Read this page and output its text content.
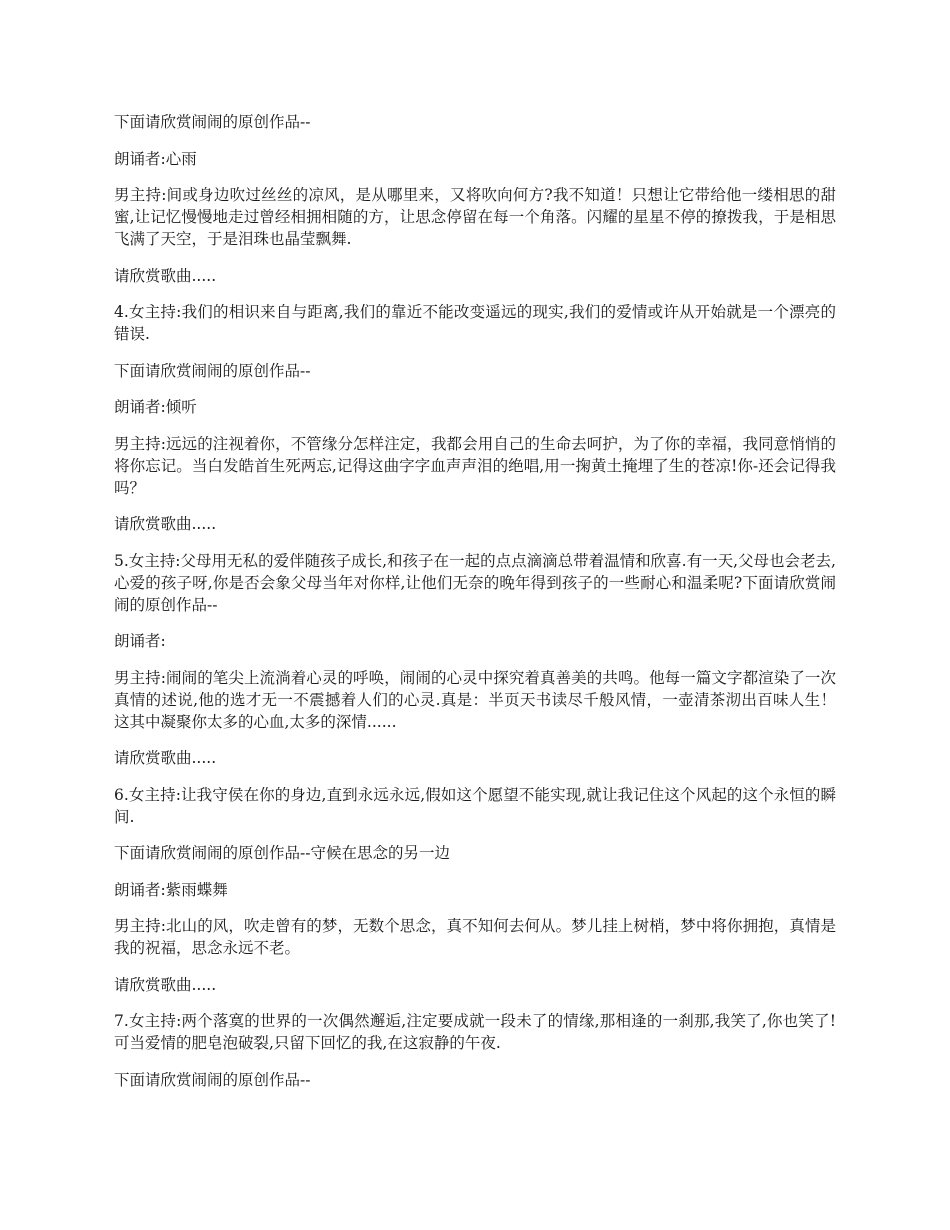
下面请欣赏闹闹的原创作品--

朗诵者:心雨

男主持:间或身边吹过丝丝的凉风，是从哪里来，又将吹向何方?我不知道！只想让它带给他一缕相思的甜蜜,让记忆慢慢地走过曾经相拥相随的方，让思念停留在每一个角落。闪耀的星星不停的撩拨我，于是相思飞满了天空，于是泪珠也晶莹飘舞.

请欣赏歌曲.....

4.女主持:我们的相识来自与距离,我们的靠近不能改变遥远的现实,我们的爱情或许从开始就是一个漂亮的错误.

下面请欣赏闹闹的原创作品--

朗诵者:倾听

男主持:远远的注视着你，不管缘分怎样注定，我都会用自己的生命去呵护，为了你的幸福，我同意悄悄的将你忘记。当白发皓首生死两忘,记得这曲字字血声声泪的绝唱,用一掬黄土掩埋了生的苍凉!你-还会记得我吗？

请欣赏歌曲.....

5.女主持:父母用无私的爱伴随孩子成长,和孩子在一起的点点滴滴总带着温情和欣喜.有一天,父母也会老去,心爱的孩子呀,你是否会象父母当年对你样,让他们无奈的晚年得到孩子的一些耐心和温柔呢?下面请欣赏闹闹的原创作品--

朗诵者:

男主持:闹闹的笔尖上流淌着心灵的呼唤，闹闹的心灵中探究着真善美的共鸣。他每一篇文字都渲染了一次真情的述说,他的选才无一不震撼着人们的心灵.真是：半页天书读尽千般风情，一壶清茶沏出百味人生！这其中凝聚你太多的心血,太多的深情......

请欣赏歌曲.....

6.女主持:让我守侯在你的身边,直到永远永远,假如这个愿望不能实现,就让我记住这个风起的这个永恒的瞬间.

下面请欣赏闹闹的原创作品--守候在思念的另一边

朗诵者:紫雨蝶舞

男主持:北山的风，吹走曾有的梦，无数个思念，真不知何去何从。梦儿挂上树梢，梦中将你拥抱，真情是我的祝福，思念永远不老。

请欣赏歌曲.....

7.女主持:两个落寞的世界的一次偶然邂逅,注定要成就一段未了的情缘,那相逢的一刹那,我笑了,你也笑了!可当爱情的肥皂泡破裂,只留下回忆的我,在这寂静的午夜.

下面请欣赏闹闹的原创作品--
